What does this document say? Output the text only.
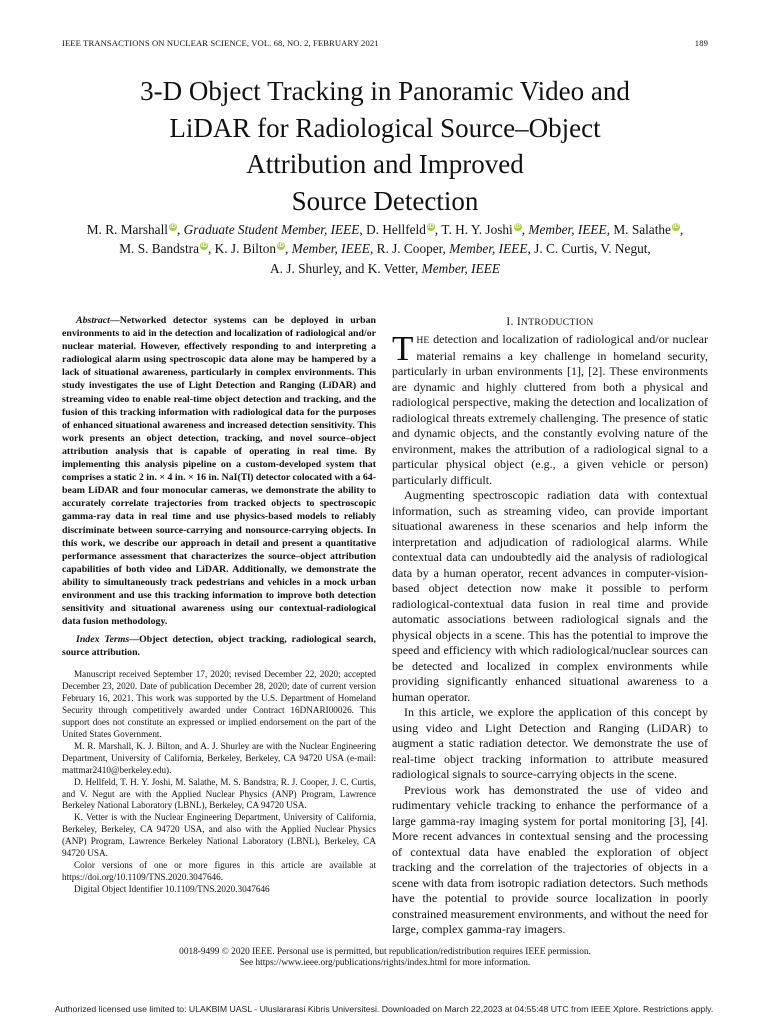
IEEE TRANSACTIONS ON NUCLEAR SCIENCE, VOL. 68, NO. 2, FEBRUARY 2021	189
3-D Object Tracking in Panoramic Video and
LiDAR for Radiological Source–Object
Attribution and Improved
Source Detection
M. R. Marshall iD, Graduate Student Member, IEEE, D. Hellfeld iD, T. H. Y. Joshi iD, Member, IEEE, M. Salathe iD,
M. S. Bandstra iD, K. J. Bilton iD, Member, IEEE, R. J. Cooper, Member, IEEE, J. C. Curtis, V. Negut,
A. J. Shurley, and K. Vetter, Member, IEEE
Abstract—Networked detector systems can be deployed in urban environments to aid in the detection and localization of radiological and/or nuclear material. However, effectively responding to and interpreting a radiological alarm using spectroscopic data alone may be hampered by a lack of situational awareness, particularly in complex environments. This study investigates the use of Light Detection and Ranging (LiDAR) and streaming video to enable real-time object detection and tracking, and the fusion of this tracking information with radiological data for the purposes of enhanced situational awareness and increased detection sensitivity. This work presents an object detection, tracking, and novel source–object attribution analysis that is capable of operating in real time. By implementing this analysis pipeline on a custom-developed system that comprises a static 2 in. × 4 in. × 16 in. NaI(Tl) detector colocated with a 64-beam LiDAR and four monocular cameras, we demonstrate the ability to accurately correlate trajectories from tracked objects to spectroscopic gamma-ray data in real time and use physics-based models to reliably discriminate between source-carrying and nonsource-carrying objects. In this work, we describe our approach in detail and present a quantitative performance assessment that characterizes the source–object attribution capabilities of both video and LiDAR. Additionally, we demonstrate the ability to simultaneously track pedestrians and vehicles in a mock urban environment and use this tracking information to improve both detection sensitivity and situational awareness using our contextual-radiological data fusion methodology.
Index Terms—Object detection, object tracking, radiological search, source attribution.

Manuscript received September 17, 2020; revised December 22, 2020; accepted December 23, 2020. Date of publication December 28, 2020; date of current version February 16, 2021. This work was supported by the U.S. Department of Homeland Security through competitively awarded under Contract 16DNARI00026. This support does not constitute an expressed or implied endorsement on the part of the United States Government.

M. R. Marshall, K. J. Bilton, and A. J. Shurley are with the Nuclear Engineering Department, University of California, Berkeley, Berkeley, CA 94720 USA (e-mail: mattmar2410@berkeley.edu).

D. Hellfeld, T. H. Y. Joshi, M. Salathe, M. S. Bandstra, R. J. Cooper, J. C. Curtis, and V. Negut are with the Applied Nuclear Physics (ANP) Program, Lawrence Berkeley National Laboratory (LBNL), Berkeley, CA 94720 USA.

K. Vetter is with the Nuclear Engineering Department, University of California, Berkeley, Berkeley, CA 94720 USA, and also with the Applied Nuclear Physics (ANP) Program, Lawrence Berkeley National Laboratory (LBNL), Berkeley, CA 94720 USA.

Color versions of one or more figures in this article are available at https://doi.org/10.1109/TNS.2020.3047646.

Digital Object Identifier 10.1109/TNS.2020.3047646

I. INTRODUCTION

THE detection and localization of radiological and/or nuclear material remains a key challenge in homeland security, particularly in urban environments [1], [2]. These environments are dynamic and highly cluttered from both a physical and radiological perspective, making the detection and localization of radiological threats extremely challenging. The presence of static and dynamic objects, and the constantly evolving nature of the environment, makes the attribution of a radiological signal to a particular physical object (e.g., a given vehicle or person) particularly difficult.

Augmenting spectroscopic radiation data with contextual information, such as streaming video, can provide important situational awareness in these scenarios and help inform the interpretation and adjudication of radiological alarms. While contextual data can undoubtedly aid the analysis of radiological data by a human operator, recent advances in computer-vision-based object detection now make it possible to perform radiological-contextual data fusion in real time and provide automatic associations between radiological signals and the physical objects in a scene. This has the potential to improve the speed and efficiency with which radiological/nuclear sources can be detected and localized in complex environments while providing significantly enhanced situational awareness to a human operator.

In this article, we explore the application of this concept by using video and Light Detection and Ranging (LiDAR) to augment a static radiation detector. We demonstrate the use of real-time object tracking information to attribute measured radiological signals to source-carrying objects in the scene.

Previous work has demonstrated the use of video and rudimentary vehicle tracking to enhance the performance of a large gamma-ray imaging system for portal monitoring [3], [4]. More recent advances in contextual sensing and the processing of contextual data have enabled the exploration of object tracking and the correlation of the trajectories of objects in a scene with data from isotropic radiation detectors. Such methods have the potential to provide source localization in poorly constrained measurement environments, and without the need for large, complex gamma-ray imagers.

0018-9499 © 2020 IEEE. Personal use is permitted, but republication/redistribution requires IEEE permission.
See https://www.ieee.org/publications/rights/index.html for more information.
Authorized licensed use limited to: ULAKBIM UASL - Uluslararasi Kibris Universitesi. Downloaded on March 22,2023 at 04:55:48 UTC from IEEE Xplore. Restrictions apply.
